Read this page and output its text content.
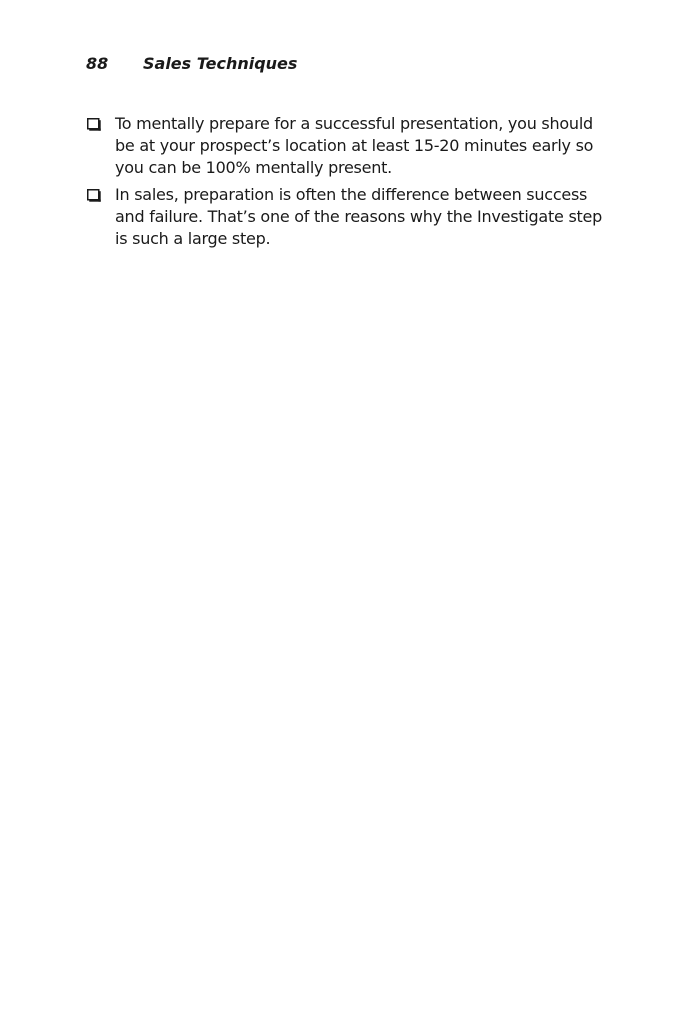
88 Sales Techniques
To mentally prepare for a successful presentation, you should be at your prospect’s location at least 15-20 minutes early so you can be 100% mentally present.
In sales, preparation is often the difference between success and failure. That’s one of the reasons why the Investigate step is such a large step.
